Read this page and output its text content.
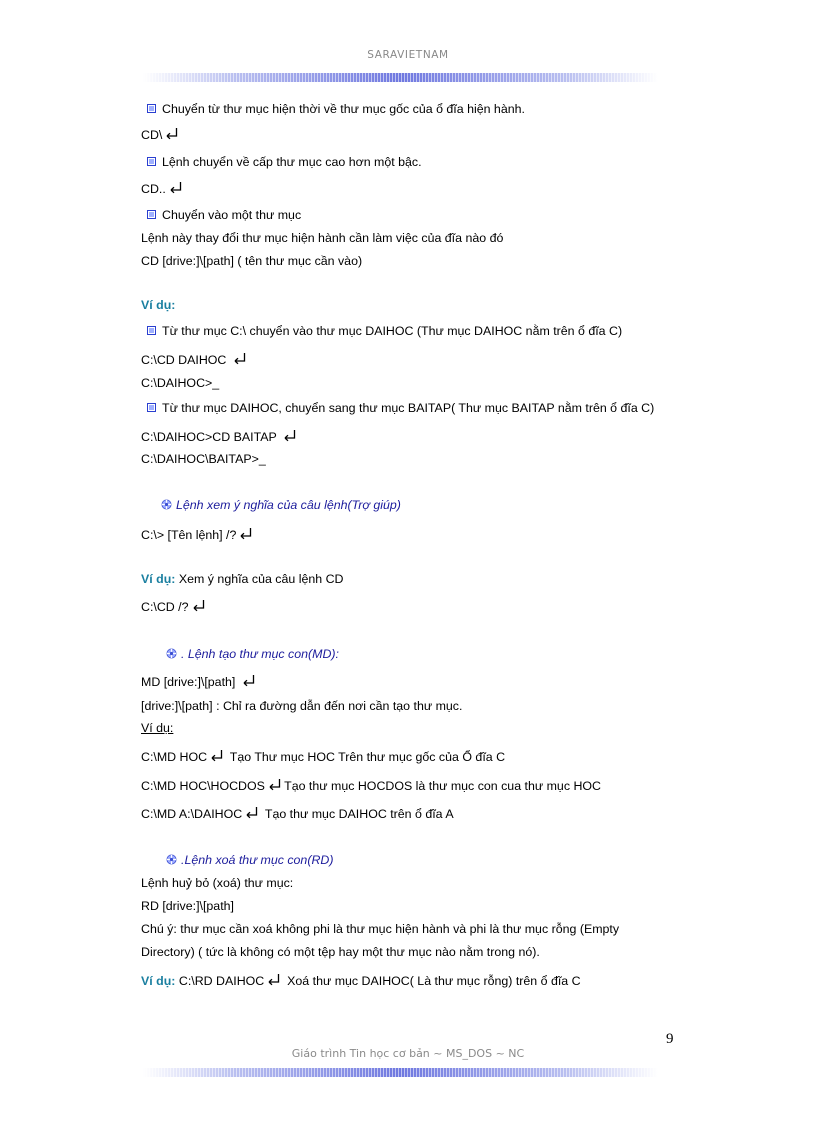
SARAVIETNAM
Chuyển từ thư mục hiện thời về thư mục gốc của ổ đĩa hiện hành.
CD\
Lệnh chuyển về cấp thư mục cao hơn một bậc.
CD..
Chuyển vào một thư mục
Lệnh này thay đổi thư mục hiện hành cần làm việc của đĩa nào đó
CD [drive:]\[path] ( tên thư mục cần vào)
Ví dụ:
Từ thư mục C:\ chuyển vào thư mục DAIHOC (Thư mục DAIHOC nằm trên ổ đĩa C)
C:\CD DAIHOC
C:\DAIHOC>_
Từ thư mục DAIHOC, chuyển sang thư mục BAITAP( Thư mục BAITAP nằm trên ổ đĩa C)
C:\DAIHOC>CD BAITAP
C:\DAIHOC\BAITAP>_
Lệnh xem ý nghĩa của câu lệnh(Trợ giúp)
C:\> [Tên lệnh] /?
Ví dụ: Xem ý nghĩa của câu lệnh CD
C:\CD /?
. Lệnh tạo thư mục con(MD):
MD [drive:]\[path]
[drive:]\[path] : Chỉ ra đường dẫn đến nơi cần tạo thư mục.
Ví dụ:
C:\MD HOC Tạo Thư mục HOC Trên thư mục gốc của Ổ đĩa C
C:\MD HOC\HOCDOS Tạo thư mục HOCDOS là thư mục con cua thư mục HOC
C:\MD A:\DAIHOC Tạo thư mục DAIHOC trên ổ đĩa A
.Lệnh xoá thư mục con(RD)
Lệnh huỷ bỏ (xoá) thư mục:
RD [drive:]\[path]
Chú ý: thư mục cần xoá không phi là thư mục hiện hành và phi là thư mục rỗng (Empty
Directory) ( tức là không có một tệp hay một thư mục nào nằm trong nó).
Ví dụ: C:\RD DAIHOC Xoá thư mục DAIHOC( Là thư mục rỗng) trên ổ đĩa C
9
Giáo trình Tin học cơ bản ~ MS_DOS ~ NC
